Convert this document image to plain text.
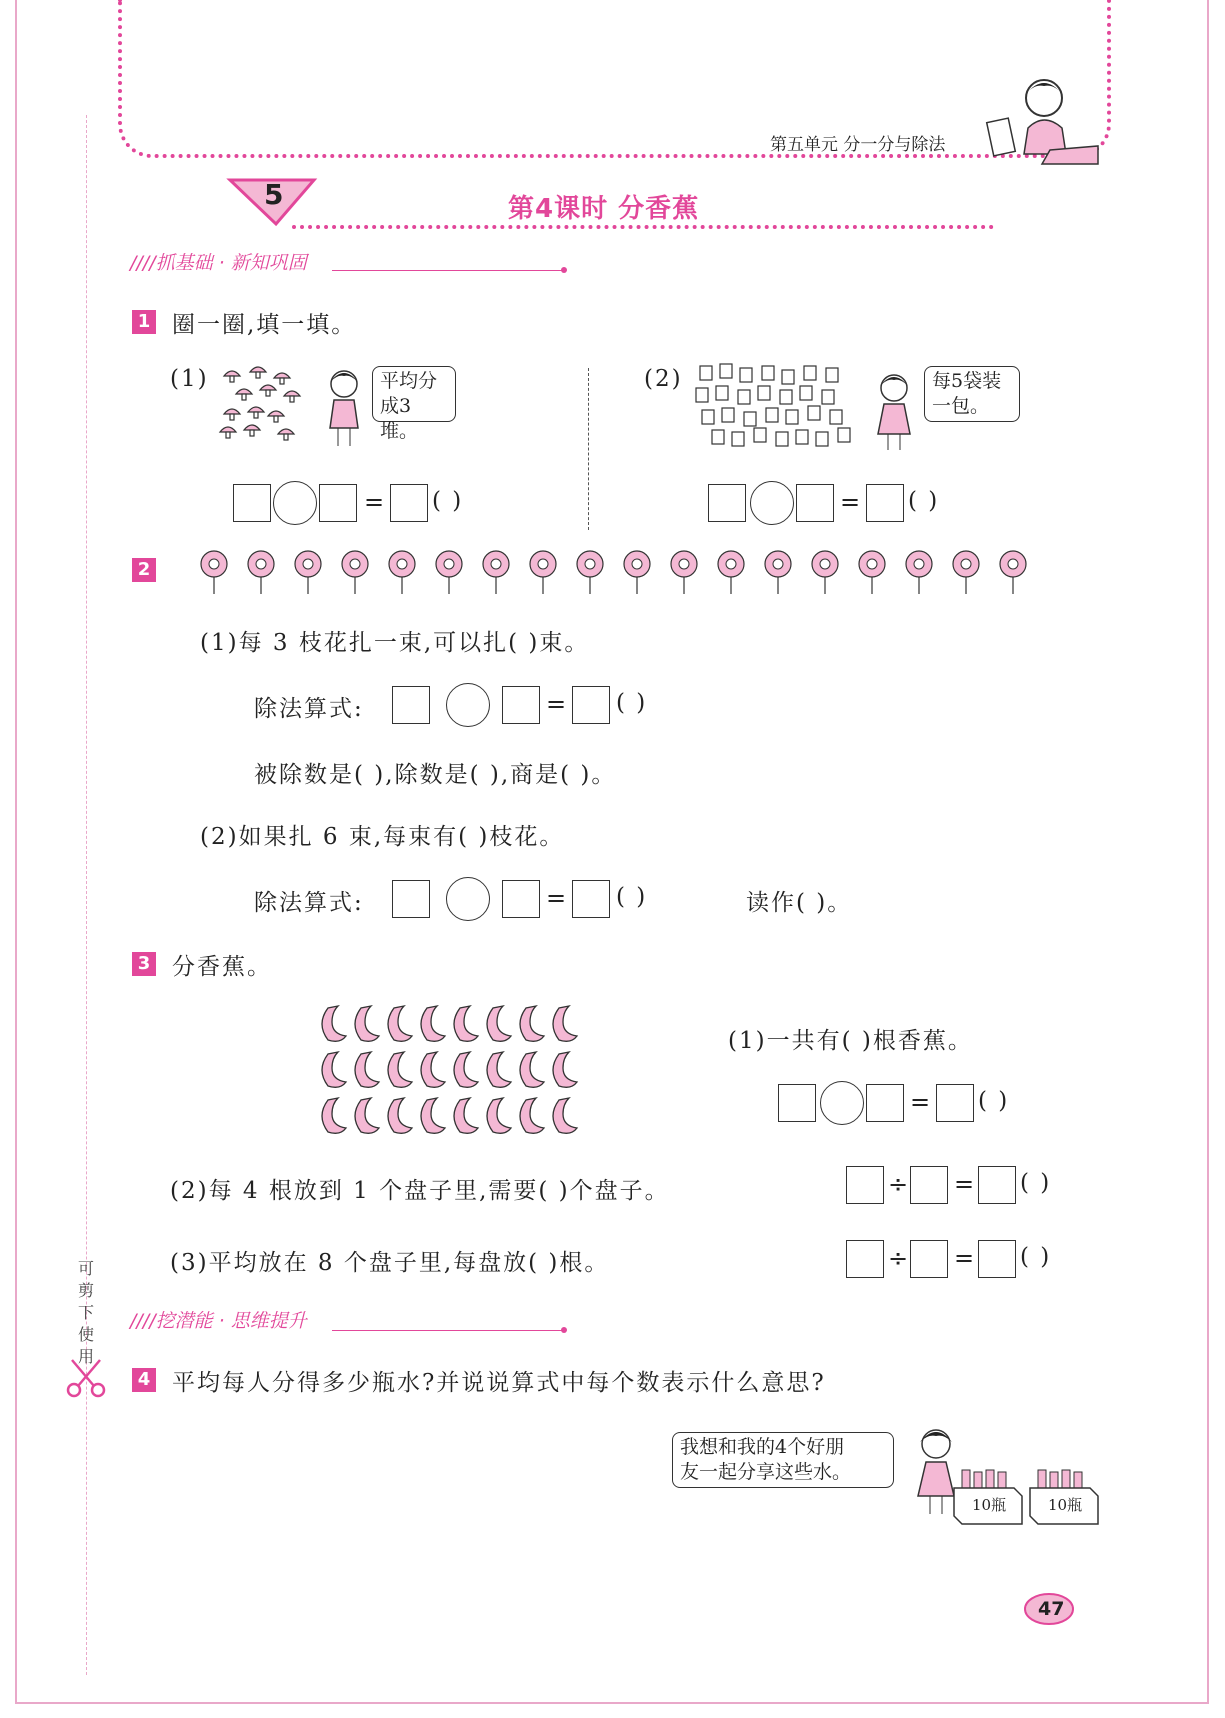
第五单元 分一分与除法
可剪下使用
5	第4课时 分香蕉
////抓基础 · 新知巩固
1 圈一圈,填一填。
(1)	平均分
成3堆。
= ( )
(2)	每5袋装
一包。
= ( )
2
(1)每 3 枝花扎一束,可以扎( )束。
除法算式:	= ( )
被除数是( ),除数是( ),商是( )。
(2)如果扎 6 束,每束有( )枝花。
除法算式:	= ( )	读作( )。
3 分香蕉。
(1)一共有( )根香蕉。
= ( )
(2)每 4 根放到 1 个盘子里,需要( )个盘子。	÷ = ( )
(3)平均放在 8 个盘子里,每盘放( )根。	÷ = ( )
////挖潜能 · 思维提升
4 平均每人分得多少瓶水?并说说算式中每个数表示什么意思?
我想和我的4个好朋
友一起分享这些水。
10瓶	10瓶
47
